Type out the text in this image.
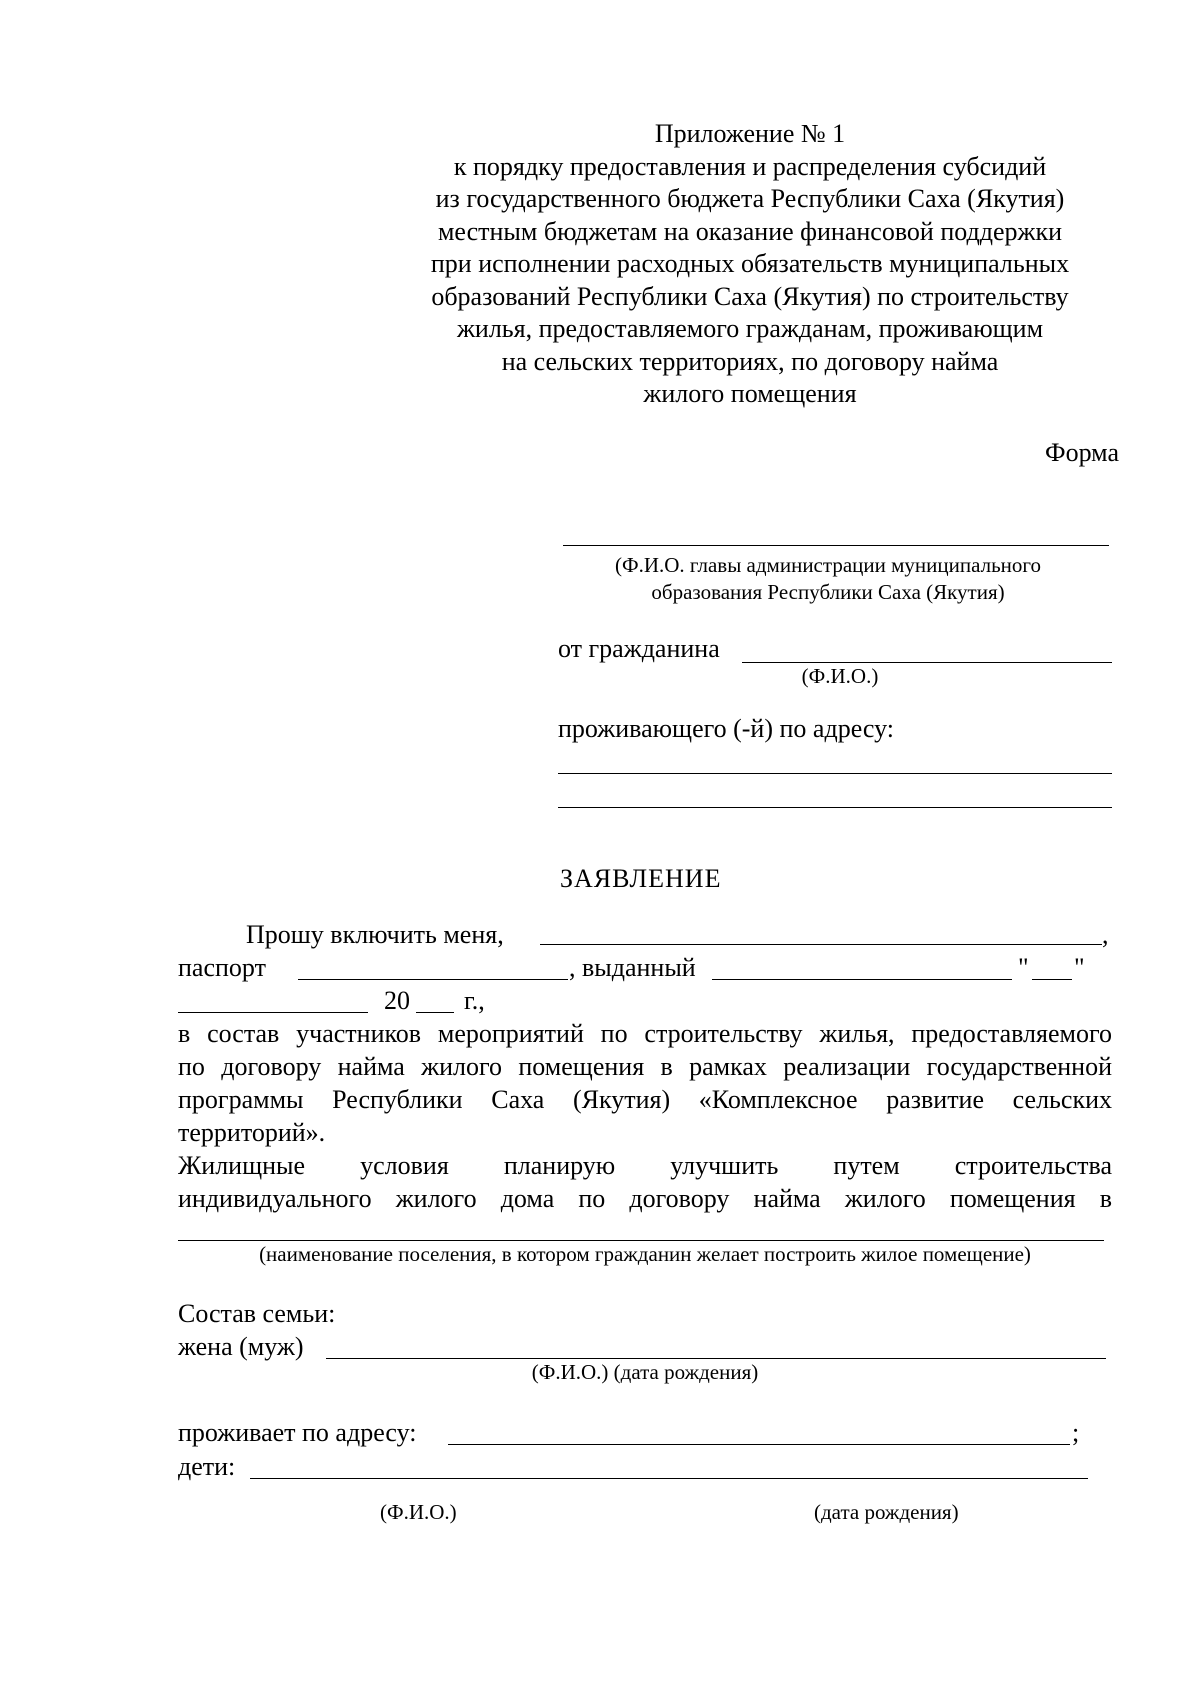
Приложение № 1
к порядку предоставления и распределения субсидий
из государственного бюджета Республики Саха (Якутия)
местным бюджетам на оказание финансовой поддержки
при исполнении расходных обязательств муниципальных
образований Республики Саха (Якутия) по строительству
жилья, предоставляемого гражданам, проживающим
на сельских территориях, по договору найма
жилого помещения
Форма
(Ф.И.О. главы администрации муниципального
образования Республики Саха (Якутия)
от гражданина
(Ф.И.О.)
проживающего (-й) по адресу:
ЗАЯВЛЕНИЕ
Прошу включить меня,	,
паспорт	, выданный	" "
20 г.,
в состав участников мероприятий по строительству жилья, предоставляемого
по договору найма жилого помещения в рамках реализации государственной
программы Республики Саха (Якутия) «Комплексное развитие сельских
территорий».
Жилищные условия планирую улучшить путем строительства
индивидуального жилого дома по договору найма жилого помещения в
(наименование поселения, в котором гражданин желает построить жилое помещение)
Состав семьи:
жена (муж)
(Ф.И.О.) (дата рождения)
проживает по адресу:	;
дети:
(Ф.И.О.)	(дата рождения)
